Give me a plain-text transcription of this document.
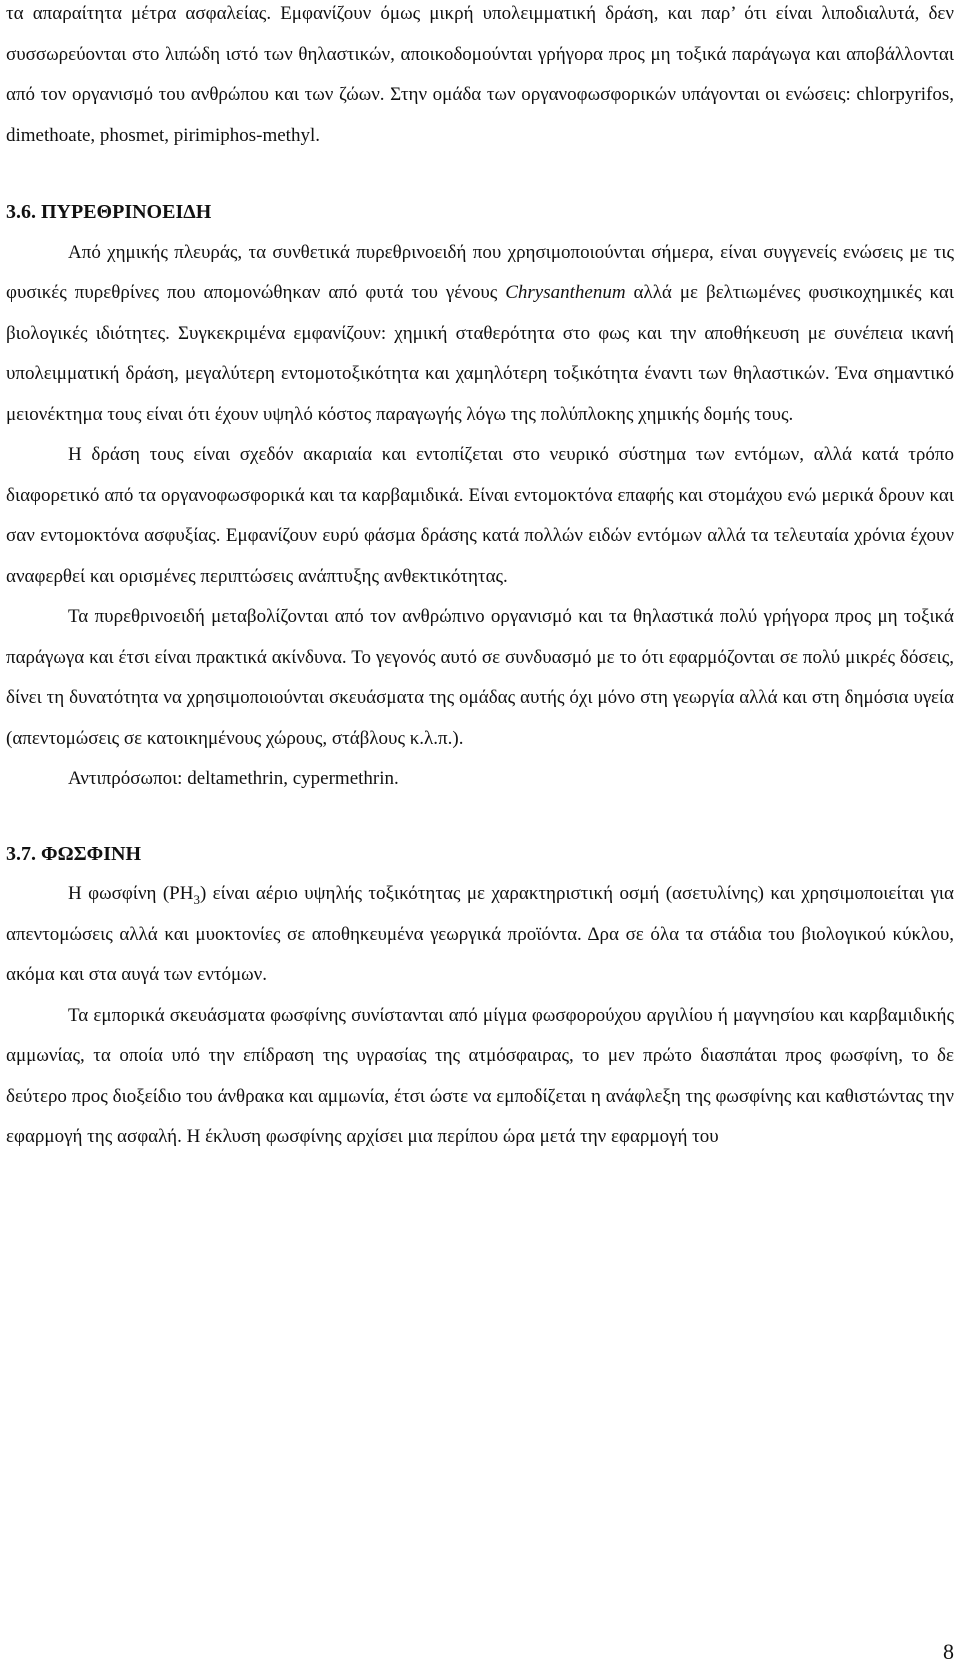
τα απαραίτητα μέτρα ασφαλείας. Εμφανίζουν όμως μικρή υπολειμματική δράση, και παρ’ ότι είναι λιποδιαλυτά, δεν συσσωρεύονται στο λιπώδη ιστό των θηλαστικών, αποικοδομούνται γρήγορα προς μη τοξικά παράγωγα και αποβάλλονται από τον οργανισμό του ανθρώπου και των ζώων. Στην ομάδα των οργανοφωσφορικών υπάγονται οι ενώσεις: chlorpyrifos, dimethoate, phosmet, pirimiphos-methyl.

3.6. ΠΥΡΕΘΡΙΝΟΕΙΔΗ

Από χημικής πλευράς, τα συνθετικά πυρεθρινοειδή που χρησιμοποιούνται σήμερα, είναι συγγενείς ενώσεις με τις φυσικές πυρεθρίνες που απομονώθηκαν από φυτά του γένους Chrysanthenum αλλά με βελτιωμένες φυσικοχημικές και βιολογικές ιδιότητες. Συγκεκριμένα εμφανίζουν: χημική σταθερότητα στο φως και την αποθήκευση με συνέπεια ικανή υπολειμματική δράση, μεγαλύτερη εντομοτοξικότητα και χαμηλότερη τοξικότητα έναντι των θηλαστικών. Ένα σημαντικό μειονέκτημα τους είναι ότι έχουν υψηλό κόστος παραγωγής λόγω της πολύπλοκης χημικής δομής τους.

Η δράση τους είναι σχεδόν ακαριαία και εντοπίζεται στο νευρικό σύστημα των εντόμων, αλλά κατά τρόπο διαφορετικό από τα οργανοφωσφορικά και τα καρβαμιδικά. Είναι εντομοκτόνα επαφής και στομάχου ενώ μερικά δρουν και σαν εντομοκτόνα ασφυξίας. Εμφανίζουν ευρύ φάσμα δράσης κατά πολλών ειδών εντόμων αλλά τα τελευταία χρόνια έχουν αναφερθεί και ορισμένες περιπτώσεις ανάπτυξης ανθεκτικότητας.

Τα πυρεθρινοειδή μεταβολίζονται από τον ανθρώπινο οργανισμό και τα θηλαστικά πολύ γρήγορα προς μη τοξικά παράγωγα και έτσι είναι πρακτικά ακίνδυνα. Το γεγονός αυτό σε συνδυασμό με το ότι εφαρμόζονται σε πολύ μικρές δόσεις, δίνει τη δυνατότητα να χρησιμοποιούνται σκευάσματα της ομάδας αυτής όχι μόνο στη γεωργία αλλά και στη δημόσια υγεία (απεντομώσεις σε κατοικημένους χώρους, στάβλους κ.λ.π.).

Αντιπρόσωποι: deltamethrin, cypermethrin.

3.7. ΦΩΣΦΙΝΗ

Η φωσφίνη $(PH_3)$ είναι αέριο υψηλής τοξικότητας με χαρακτηριστική οσμή (ασετυλίνης) και χρησιμοποιείται για απεντομώσεις αλλά και μυοκτονίες σε αποθηκευμένα γεωργικά προϊόντα. Δρα σε όλα τα στάδια του βιολογικού κύκλου, ακόμα και στα αυγά των εντόμων.

Τα εμπορικά σκευάσματα φωσφίνης συνίστανται από μίγμα φωσφορούχου αργιλίου ή μαγνησίου και καρβαμιδικής αμμωνίας, τα οποία υπό την επίδραση της υγρασίας της ατμόσφαιρας, το μεν πρώτο διασπάται προς φωσφίνη, το δε δεύτερο προς διοξείδιο του άνθρακα και αμμωνία, έτσι ώστε να εμποδίζεται η ανάφλεξη της φωσφίνης και καθιστώντας την εφαρμογή της ασφαλή. Η έκλυση φωσφίνης αρχίσει μια περίπου ώρα μετά την εφαρμογή του

8
